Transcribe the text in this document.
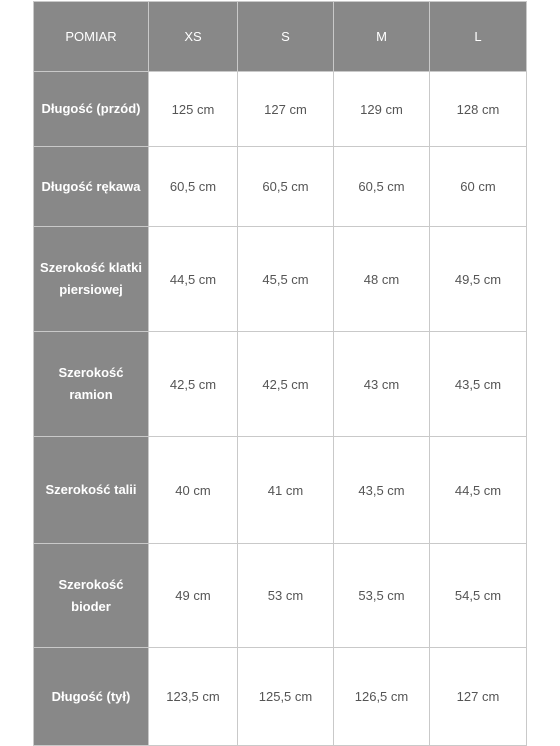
POMIAR	XS	S	M	L
Długość (przód)	125 cm	127 cm	129 cm	128 cm
Długość rękawa	60,5 cm	60,5 cm	60,5 cm	60 cm
Szerokość klatki piersiowej	44,5 cm	45,5 cm	48 cm	49,5 cm
Szerokość ramion	42,5 cm	42,5 cm	43 cm	43,5 cm
Szerokość talii	40 cm	41 cm	43,5 cm	44,5 cm
Szerokość bioder	49 cm	53 cm	53,5 cm	54,5 cm
Długość (tył)	123,5 cm	125,5 cm	126,5 cm	127 cm
